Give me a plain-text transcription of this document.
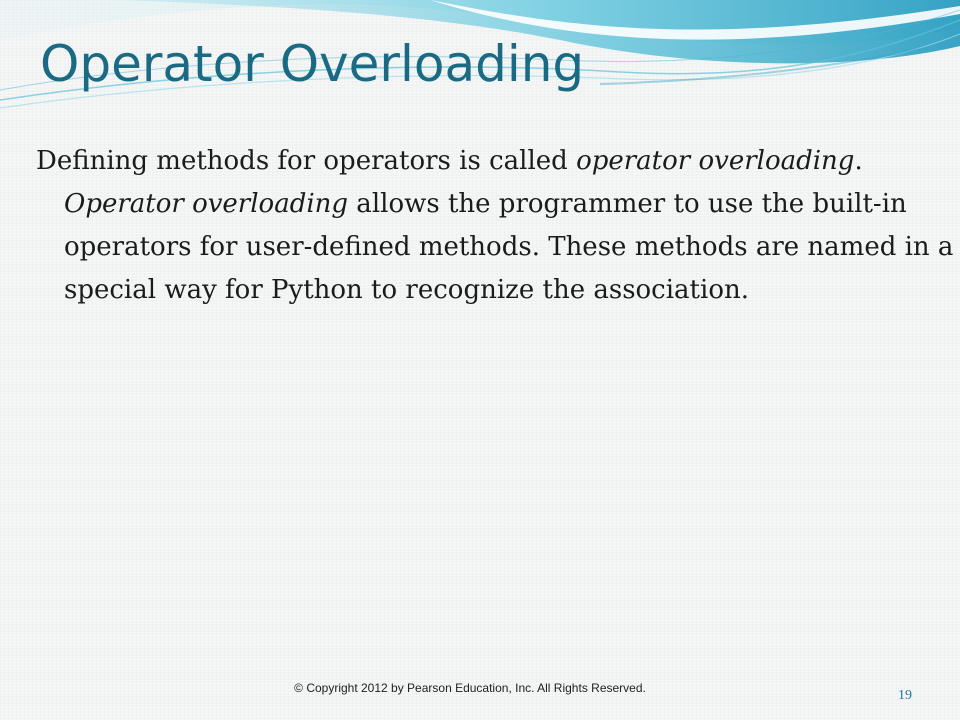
Operator Overloading

Defining methods for operators is called operator overloading. Operator overloading allows the programmer to use the built-in operators for user-defined methods. These methods are named in a special way for Python to recognize the association.

© Copyright 2012 by Pearson Education, Inc. All Rights Reserved.	19
